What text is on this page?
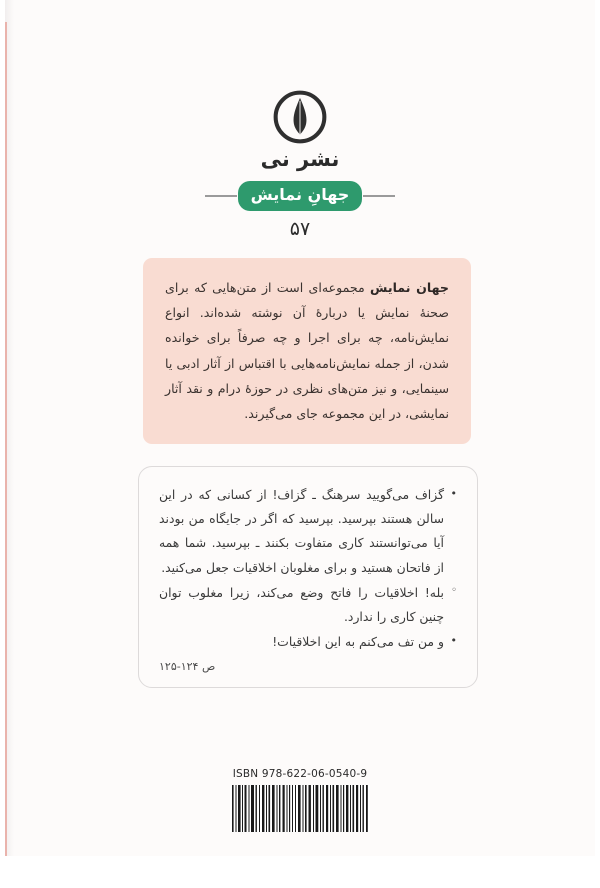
نشر نی
جهانِ نمایش
۵۷

جهان نمایش مجموعه‌ای است از متن‌هایی که برای صحنهٔ نمایش یا دربارهٔ آن نوشته شده‌اند. انواع نمایش‌نامه، چه برای اجرا و چه صرفاً برای خوانده شدن، از جمله نمایش‌نامه‌هایی با اقتباس از آثار ادبی یا سینمایی، و نیز متن‌های نظری در حوزهٔ درام و نقد آثار نمایشی، در این مجموعه جای می‌گیرند.

•
گزاف می‌گویید سرهنگ ـ گزاف! از کسانی که در این سالن هستند بپرسید. بپرسید که اگر در جایگاه من بودند آیا می‌توانستند کاری متفاوت بکنند ـ بپرسید. شما همه از فاتحان هستید و برای مغلوبان اخلاقیات جعل می‌کنید.
◦
بله! اخلاقیات را فاتح وضع می‌کند، زیرا مغلوب توان چنین کاری را ندارد.
•
و من تف می‌کنم به این اخلاقیات!
ص ۱۲۴-۱۲۵
ISBN 978-622-06-0540-9
